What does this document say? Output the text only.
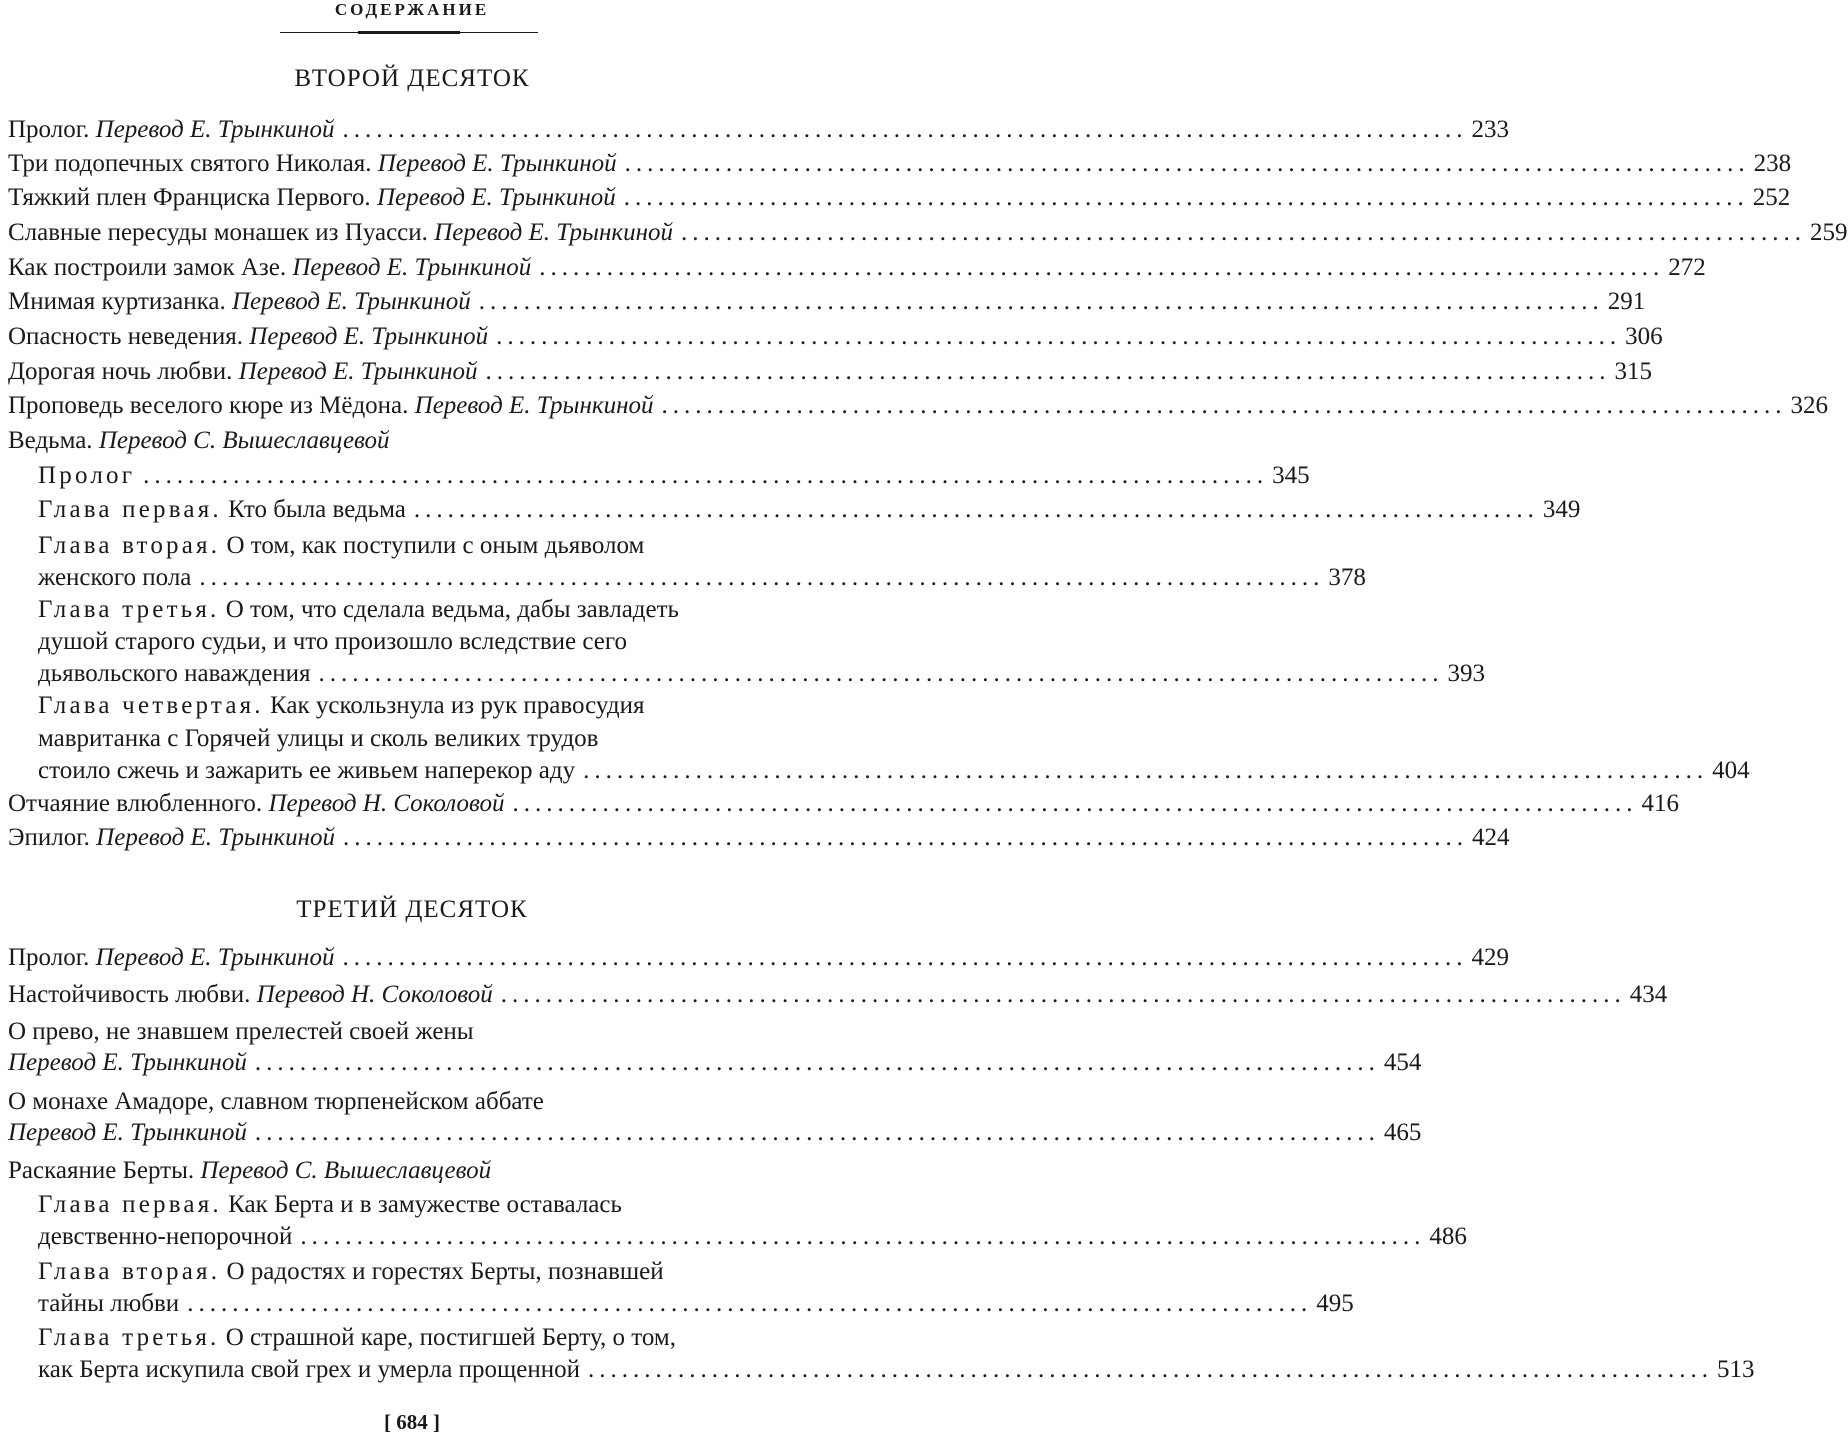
СОДЕРЖАНИЕ
ВТОРОЙ ДЕСЯТОК
Пролог. Перевод Е. Трынкиной .................................................................................................... 233
Три подопечных святого Николая. Перевод Е. Трынкиной .................................................................................................... 238
Тяжкий плен Франциска Первого. Перевод Е. Трынкиной .................................................................................................... 252
Славные пересуды монашек из Пуасси. Перевод Е. Трынкиной .................................................................................................... 259
Как построили замок Азе. Перевод Е. Трынкиной .................................................................................................... 272
Мнимая куртизанка. Перевод Е. Трынкиной .................................................................................................... 291
Опасность неведения. Перевод Е. Трынкиной .................................................................................................... 306
Дорогая ночь любви. Перевод Е. Трынкиной .................................................................................................... 315
Проповедь веселого кюре из Мёдона. Перевод Е. Трынкиной .................................................................................................... 326
Ведьма. Перевод С. Вышеславцевой
Пролог .................................................................................................... 345
Глава первая. Кто была ведьма .................................................................................................... 349
Глава вторая. О том, как поступили с оным дьяволом
женского пола .................................................................................................... 378
Глава третья. О том, что сделала ведьма, дабы завладеть
душой старого судьи, и что произошло вследствие сего
дьявольского наваждения .................................................................................................... 393
Глава четвертая. Как ускользнула из рук правосудия
мавританка с Горячей улицы и сколь великих трудов
стоило сжечь и зажарить ее живьем наперекор аду .................................................................................................... 404
Отчаяние влюбленного. Перевод Н. Соколовой .................................................................................................... 416
Эпилог. Перевод Е. Трынкиной .................................................................................................... 424
ТРЕТИЙ ДЕСЯТОК
Пролог. Перевод Е. Трынкиной .................................................................................................... 429
Настойчивость любви. Перевод Н. Соколовой .................................................................................................... 434
О прево, не знавшем прелестей своей жены
Перевод Е. Трынкиной .................................................................................................... 454
О монахе Амадоре, славном тюрпенейском аббате
Перевод Е. Трынкиной .................................................................................................... 465
Раскаяние Берты. Перевод С. Вышеславцевой
Глава первая. Как Берта и в замужестве оставалась
девственно-непорочной .................................................................................................... 486
Глава вторая. О радостях и горестях Берты, познавшей
тайны любви .................................................................................................... 495
Глава третья. О страшной каре, постигшей Берту, о том,
как Берта искупила свой грех и умерла прощенной .................................................................................................... 513
[ 684 ]
